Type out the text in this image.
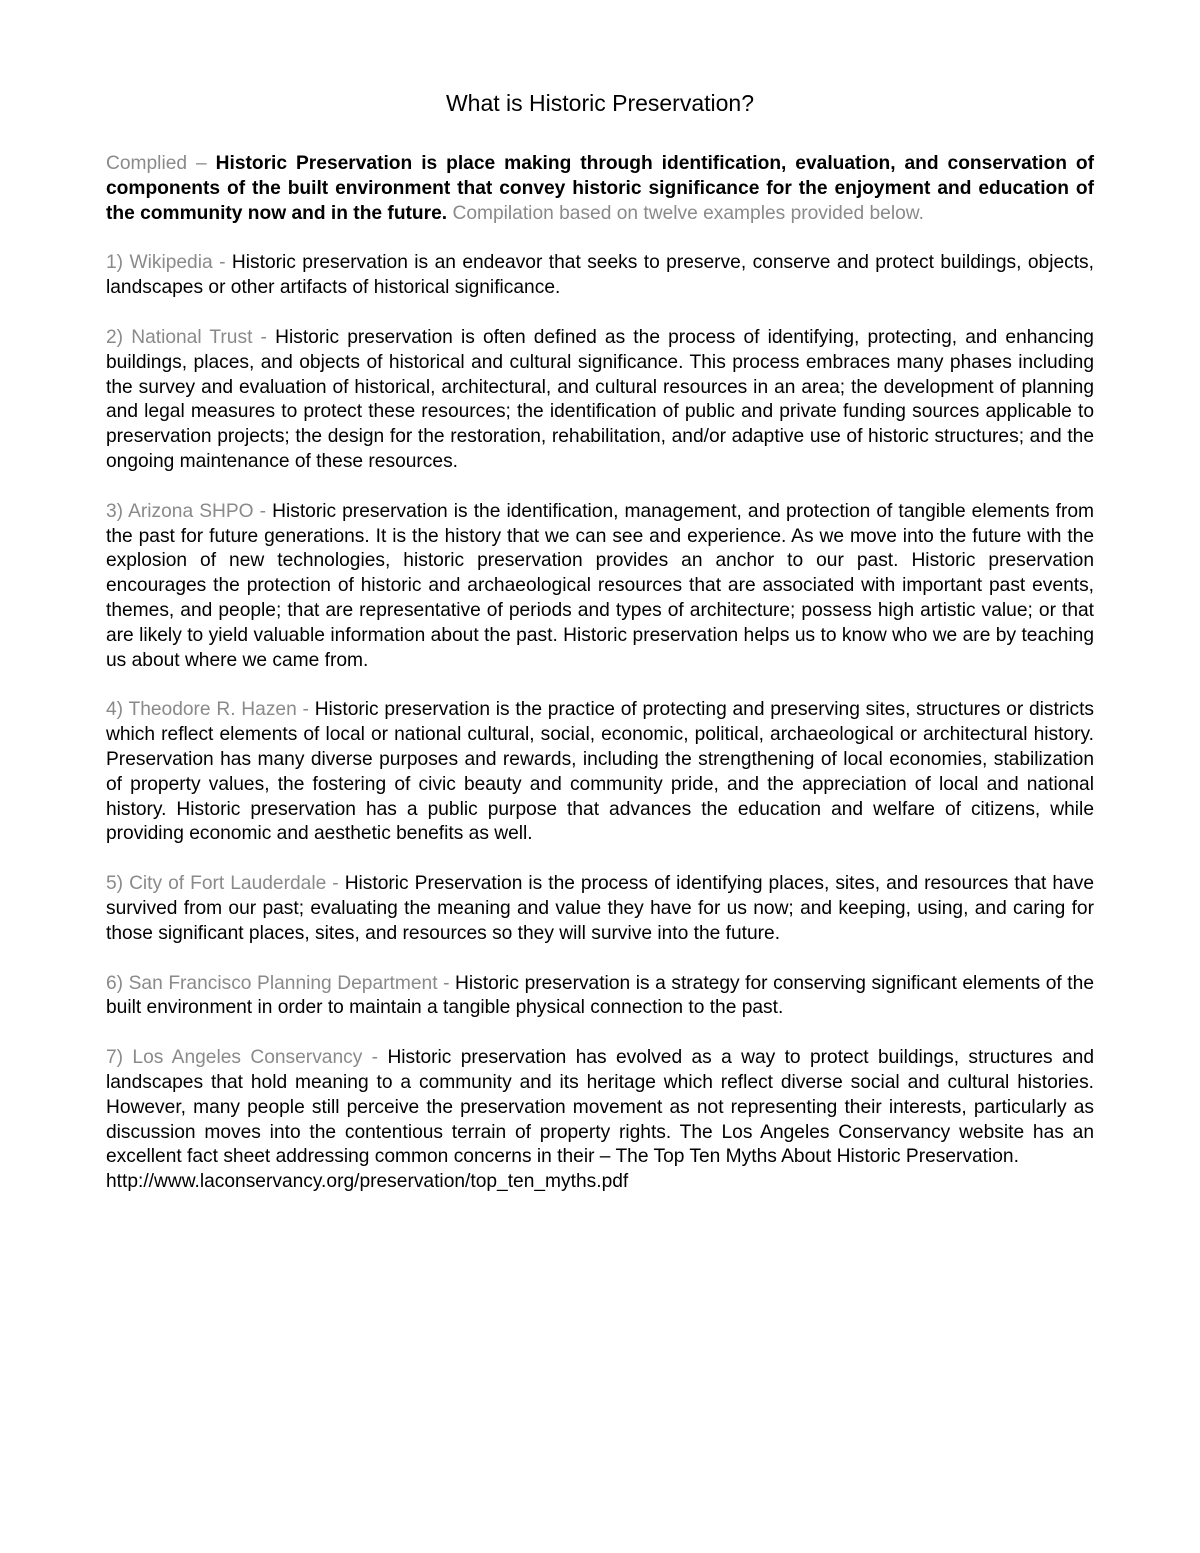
What is Historic Preservation?

Complied – Historic Preservation is place making through identification, evaluation, and conservation of components of the built environment that convey historic significance for the enjoyment and education of the community now and in the future. Compilation based on twelve examples provided below.

1) Wikipedia - Historic preservation is an endeavor that seeks to preserve, conserve and protect buildings, objects, landscapes or other artifacts of historical significance.

2) National Trust - Historic preservation is often defined as the process of identifying, protecting, and enhancing buildings, places, and objects of historical and cultural significance. This process embraces many phases including the survey and evaluation of historical, architectural, and cultural resources in an area; the development of planning and legal measures to protect these resources; the identification of public and private funding sources applicable to preservation projects; the design for the restoration, rehabilitation, and/or adaptive use of historic structures; and the ongoing maintenance of these resources.

3) Arizona SHPO - Historic preservation is the identification, management, and protection of tangible elements from the past for future generations. It is the history that we can see and experience. As we move into the future with the explosion of new technologies, historic preservation provides an anchor to our past. Historic preservation encourages the protection of historic and archaeological resources that are associated with important past events, themes, and people; that are representative of periods and types of architecture; possess high artistic value; or that are likely to yield valuable information about the past. Historic preservation helps us to know who we are by teaching us about where we came from.

4) Theodore R. Hazen - Historic preservation is the practice of protecting and preserving sites, structures or districts which reflect elements of local or national cultural, social, economic, political, archaeological or architectural history. Preservation has many diverse purposes and rewards, including the strengthening of local economies, stabilization of property values, the fostering of civic beauty and community pride, and the appreciation of local and national history. Historic preservation has a public purpose that advances the education and welfare of citizens, while providing economic and aesthetic benefits as well.

5) City of Fort Lauderdale - Historic Preservation is the process of identifying places, sites, and resources that have survived from our past; evaluating the meaning and value they have for us now; and keeping, using, and caring for those significant places, sites, and resources so they will survive into the future.

6) San Francisco Planning Department - Historic preservation is a strategy for conserving significant elements of the built environment in order to maintain a tangible physical connection to the past.

7) Los Angeles Conservancy - Historic preservation has evolved as a way to protect buildings, structures and landscapes that hold meaning to a community and its heritage which reflect diverse social and cultural histories. However, many people still perceive the preservation movement as not representing their interests, particularly as discussion moves into the contentious terrain of property rights. The Los Angeles Conservancy website has an excellent fact sheet addressing common concerns in their – The Top Ten Myths About Historic Preservation.
http://www.laconservancy.org/preservation/top_ten_myths.pdf
